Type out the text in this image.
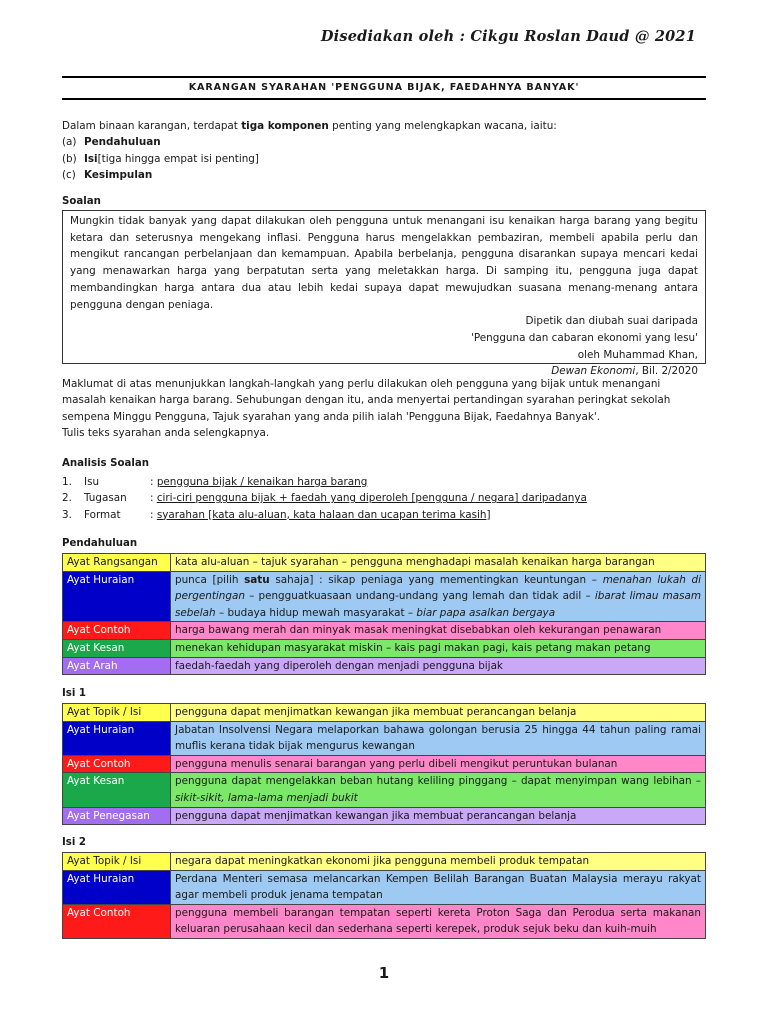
Disediakan oleh : Cikgu Roslan Daud @ 2021
KARANGAN SYARAHAN 'PENGGUNA BIJAK, FAEDAHNYA BANYAK'
Dalam binaan karangan, terdapat tiga komponen penting yang melengkapkan wacana, iaitu:
(a) Pendahuluan
(b) Isi [tiga hingga empat isi penting]
(c) Kesimpulan
Soalan
Mungkin tidak banyak yang dapat dilakukan oleh pengguna untuk menangani isu kenaikan harga barang yang begitu ketara dan seterusnya mengekang inflasi. Pengguna harus mengelakkan pembaziran, membeli apabila perlu dan mengikut rancangan perbelanjaan dan kemampuan. Apabila berbelanja, pengguna disarankan supaya mencari kedai yang menawarkan harga yang berpatutan serta yang meletakkan harga. Di samping itu, pengguna juga dapat membandingkan harga antara dua atau lebih kedai supaya dapat mewujudkan suasana menang-menang antara pengguna dengan peniaga.
Dipetik dan diubah suai daripada
'Pengguna dan cabaran ekonomi yang lesu'
oleh Muhammad Khan,
Dewan Ekonomi, Bil. 2/2020
Maklumat di atas menunjukkan langkah-langkah yang perlu dilakukan oleh pengguna yang bijak untuk menangani masalah kenaikan harga barang. Sehubungan dengan itu, anda menyertai pertandingan syarahan peringkat sekolah sempena Minggu Pengguna, Tajuk syarahan yang anda pilih ialah 'Pengguna Bijak, Faedahnya Banyak'.
Tulis teks syarahan anda selengkapnya.
Analisis Soalan
1.	Isu	: pengguna bijak / kenaikan harga barang
2.	Tugasan	: ciri-ciri pengguna bijak + faedah yang diperoleh [pengguna / negara] daripadanya
3.	Format	: syarahan [kata alu-aluan, kata halaan dan ucapan terima kasih]
Pendahuluan
Ayat Rangsangan	kata alu-aluan – tajuk syarahan – pengguna menghadapi masalah kenaikan harga barangan
Ayat Huraian	punca [pilih satu sahaja] : sikap peniaga yang mementingkan keuntungan – menahan lukah di pergentingan – pengguatkuasaan undang-undang yang lemah dan tidak adil – ibarat limau masam sebelah – budaya hidup mewah masyarakat – biar papa asalkan bergaya
Ayat Contoh	harga bawang merah dan minyak masak meningkat disebabkan oleh kekurangan penawaran
Ayat Kesan	menekan kehidupan masyarakat miskin – kais pagi makan pagi, kais petang makan petang
Ayat Arah	faedah-faedah yang diperoleh dengan menjadi pengguna bijak
Isi 1
Ayat Topik / Isi	pengguna dapat menjimatkan kewangan jika membuat perancangan belanja
Ayat Huraian	Jabatan Insolvensi Negara melaporkan bahawa golongan berusia 25 hingga 44 tahun paling ramai muflis kerana tidak bijak mengurus kewangan
Ayat Contoh	pengguna menulis senarai barangan yang perlu dibeli mengikut peruntukan bulanan
Ayat Kesan	pengguna dapat mengelakkan beban hutang keliling pinggang – dapat menyimpan wang lebihan – sikit-sikit, lama-lama menjadi bukit
Ayat Penegasan	pengguna dapat menjimatkan kewangan jika membuat perancangan belanja
Isi 2
Ayat Topik / Isi	negara dapat meningkatkan ekonomi jika pengguna membeli produk tempatan
Ayat Huraian	Perdana Menteri semasa melancarkan Kempen Belilah Barangan Buatan Malaysia merayu rakyat agar membeli produk jenama tempatan
Ayat Contoh	pengguna membeli barangan tempatan seperti kereta Proton Saga dan Perodua serta makanan keluaran perusahaan kecil dan sederhana seperti kerepek, produk sejuk beku dan kuih-muih
1
